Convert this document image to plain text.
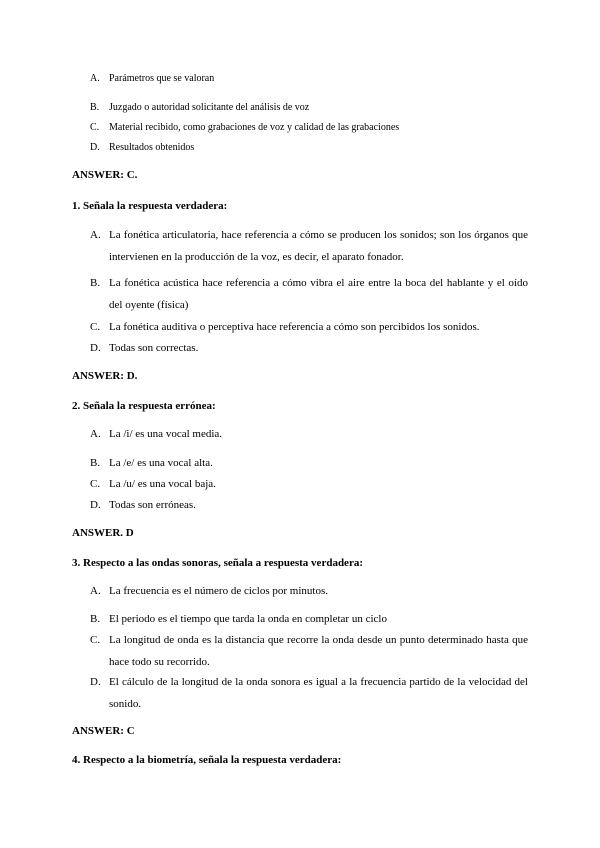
A. Parámetros que se valoran
B. Juzgado o autoridad solicitante del análisis de voz
C. Material recibido, como grabaciones de voz y calidad de las grabaciones
D. Resultados obtenidos
ANSWER: C.
1. Señala la respuesta verdadera:
A. La fonética articulatoria, hace referencia a cómo se producen los sonidos; son los órganos que intervienen en la producción de la voz, es decir, el aparato fonador.
B. La fonética acústica hace referencia a cómo vibra el aire entre la boca del hablante y el oído del oyente (física)
C. La fonética auditiva o perceptiva hace referencia a cómo son percibidos los sonidos.
D. Todas son correctas.
ANSWER: D.
2. Señala la respuesta errónea:
A. La /i/ es una vocal media.
B. La /e/ es una vocal alta.
C. La /u/ es una vocal baja.
D. Todas son erróneas.
ANSWER. D
3. Respecto a las ondas sonoras, señala a respuesta verdadera:
A. La frecuencia es el número de ciclos por minutos.
B. El periodo es el tiempo que tarda la onda en completar un ciclo
C. La longitud de onda es la distancia que recorre la onda desde un punto determinado hasta que hace todo su recorrido.
D. El cálculo de la longitud de la onda sonora es igual a la frecuencia partido de la velocidad del sonido.
ANSWER: C
4. Respecto a la biometría, señala la respuesta verdadera:
